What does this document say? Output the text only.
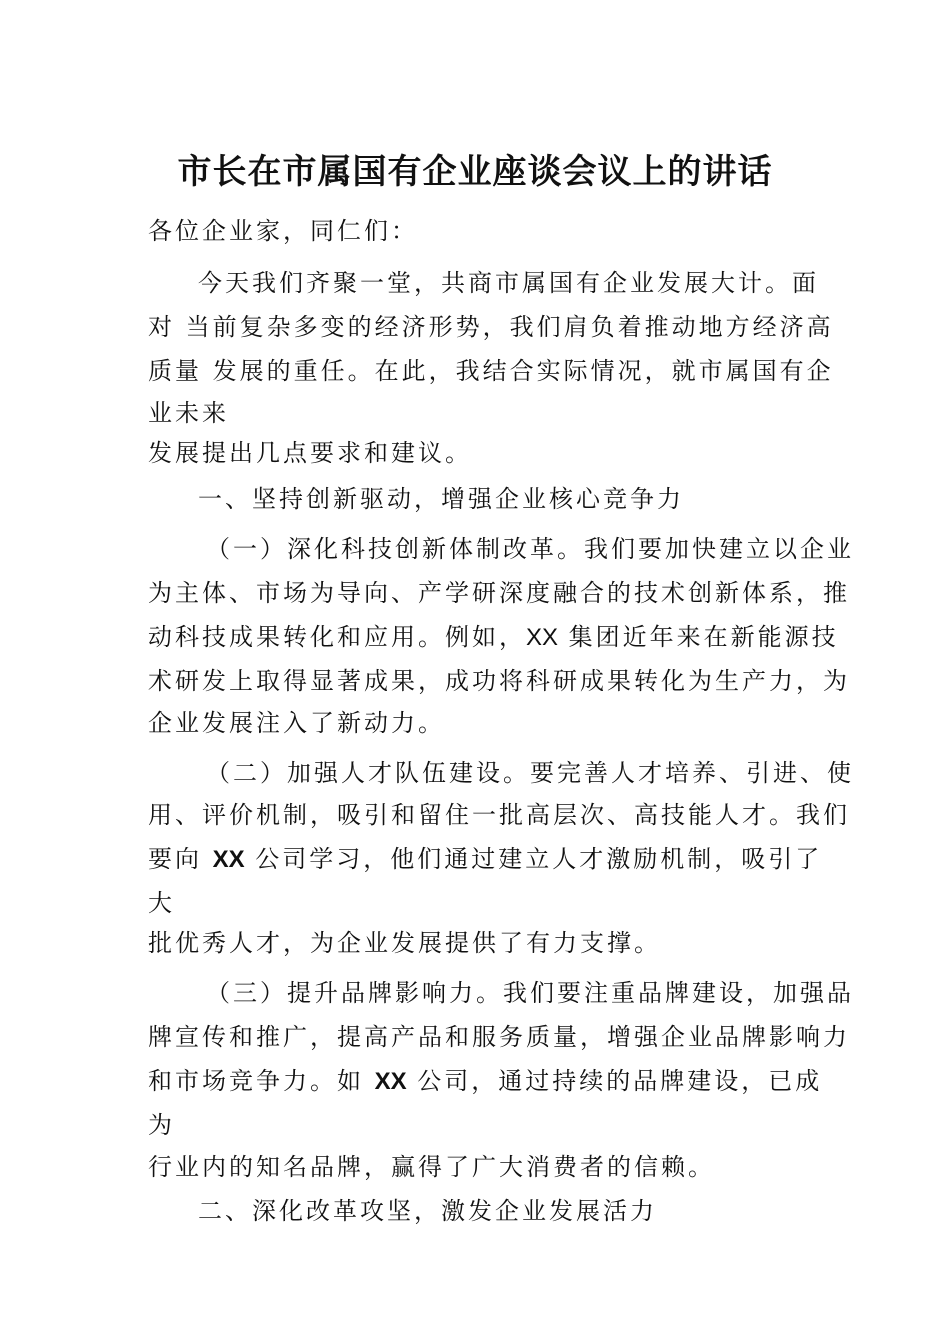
市长在市属国有企业座谈会议上的讲话

各位企业家，同仁们：

今天我们齐聚一堂，共商市属国有企业发展大计。面

对 当前复杂多变的经济形势，我们肩负着推动地方经济高

质量 发展的重任。在此，我结合实际情况，就市属国有企

业未来

发展提出几点要求和建议。

一、坚持创新驱动，增强企业核心竞争力

（一）深化科技创新体制改革。我们要加快建立以企业

为主体、市场为导向、产学研深度融合的技术创新体系，推

动科技成果转化和应用。例如，XX 集团近年来在新能源技

术研发上取得显著成果，成功将科研成果转化为生产力，为

企业发展注入了新动力。

（二）加强人才队伍建设。要完善人才培养、引进、使

用、评价机制，吸引和留住一批高层次、高技能人才。我们

要向 XX 公司学习，他们通过建立人才激励机制，吸引了

大

批优秀人才，为企业发展提供了有力支撑。

（三）提升品牌影响力。我们要注重品牌建设，加强品

牌宣传和推广，提高产品和服务质量，增强企业品牌影响力

和市场竞争力。如 XX 公司，通过持续的品牌建设，已成

为

行业内的知名品牌，赢得了广大消费者的信赖。

二、深化改革攻坚，激发企业发展活力
